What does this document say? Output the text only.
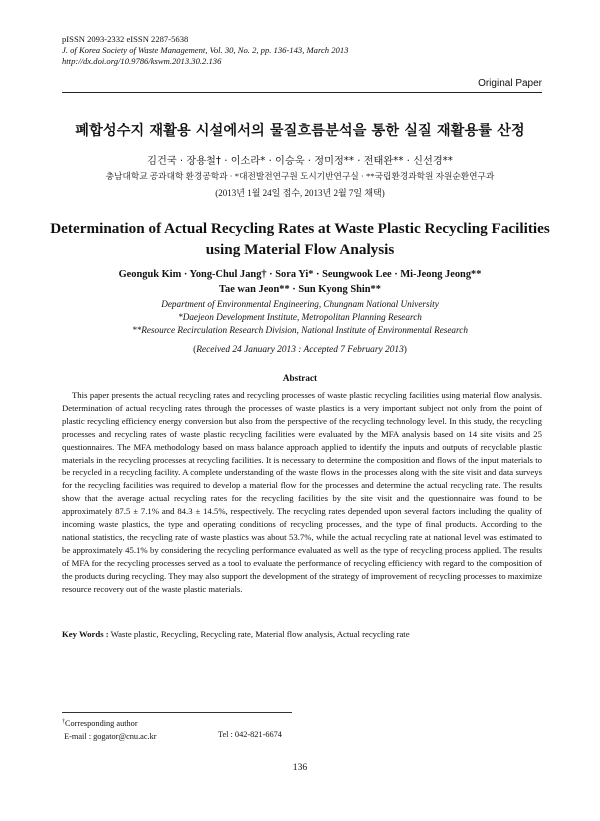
pISSN 2093-2332 eISSN 2287-5638
J. of Korea Society of Waste Management, Vol. 30, No. 2, pp. 136-143, March 2013
http://dx.doi.org/10.9786/kswm.2013.30.2.136
Original Paper
폐합성수지 재활용 시설에서의 물질흐름분석을 통한 실질 재활용률 산정
김건국 · 장용철† · 이소라* · 이승욱 · 정미정** · 전태완** · 신선경**
충남대학교 공과대학 환경공학과 · *대전발전연구원 도시기반연구실 · **국립환경과학원 자원순환연구과
(2013년 1월 24일 접수, 2013년 2월 7일 채택)
Determination of Actual Recycling Rates at Waste Plastic Recycling Facilities using Material Flow Analysis
Geonguk Kim · Yong-Chul Jang† · Sora Yi* · Seungwook Lee · Mi-Jeong Jeong**
Tae wan Jeon** · Sun Kyong Shin**
Department of Environmental Engineering, Chungnam National University
*Daejeon Development Institute, Metropolitan Planning Research
**Resource Recirculation Research Division, National Institute of Environmental Research
(Received 24 January 2013 : Accepted 7 February 2013)
Abstract
This paper presents the actual recycling rates and recycling processes of waste plastic recycling facilities using material flow analysis. Determination of actual recycling rates through the processes of waste plastics is a very important subject not only from the point of plastic recycling efficiency energy conversion but also from the perspective of the recycling technology level. In this study, the recycling processes and recycling rates of waste plastic recycling facilities were evaluated by the MFA analysis based on 14 site visits and 25 questionnaires. The MFA methodology based on mass balance approach applied to identify the inputs and outputs of recyclable plastic materials in the recycling processes at recycling facilities. It is necessary to determine the composition and flows of the input materials to be recycled in a recycling facility. A complete understanding of the waste flows in the processes along with the site visit and data surveys for the recycling facilities was required to develop a material flow for the processes and determine the actual recycling rate. The results show that the average actual recycling rates for the recycling facilities by the site visit and the questionnaire was found to be approximately 87.5 ± 7.1% and 84.3 ± 14.5%, respectively. The recycling rates depended upon several factors including the quality of incoming waste plastics, the type and operating conditions of recycling processes, and the type of final products. According to the national statistics, the recycling rate of waste plastics was about 53.7%, while the actual recycling rate at national level was estimated to be approximately 45.1% by considering the recycling performance evaluated as well as the type of recycling process applied. The results of MFA for the recycling processes served as a tool to evaluate the performance of recycling efficiency with regard to the composition of the products during recycling. They may also support the development of the strategy of improvement of recycling processes to maximize resource recovery out of the waste plastic materials.
Key Words : Waste plastic, Recycling, Recycling rate, Material flow analysis, Actual recycling rate
†Corresponding author
E-mail : gogator@cnu.ac.kr	Tel : 042-821-6674
136
